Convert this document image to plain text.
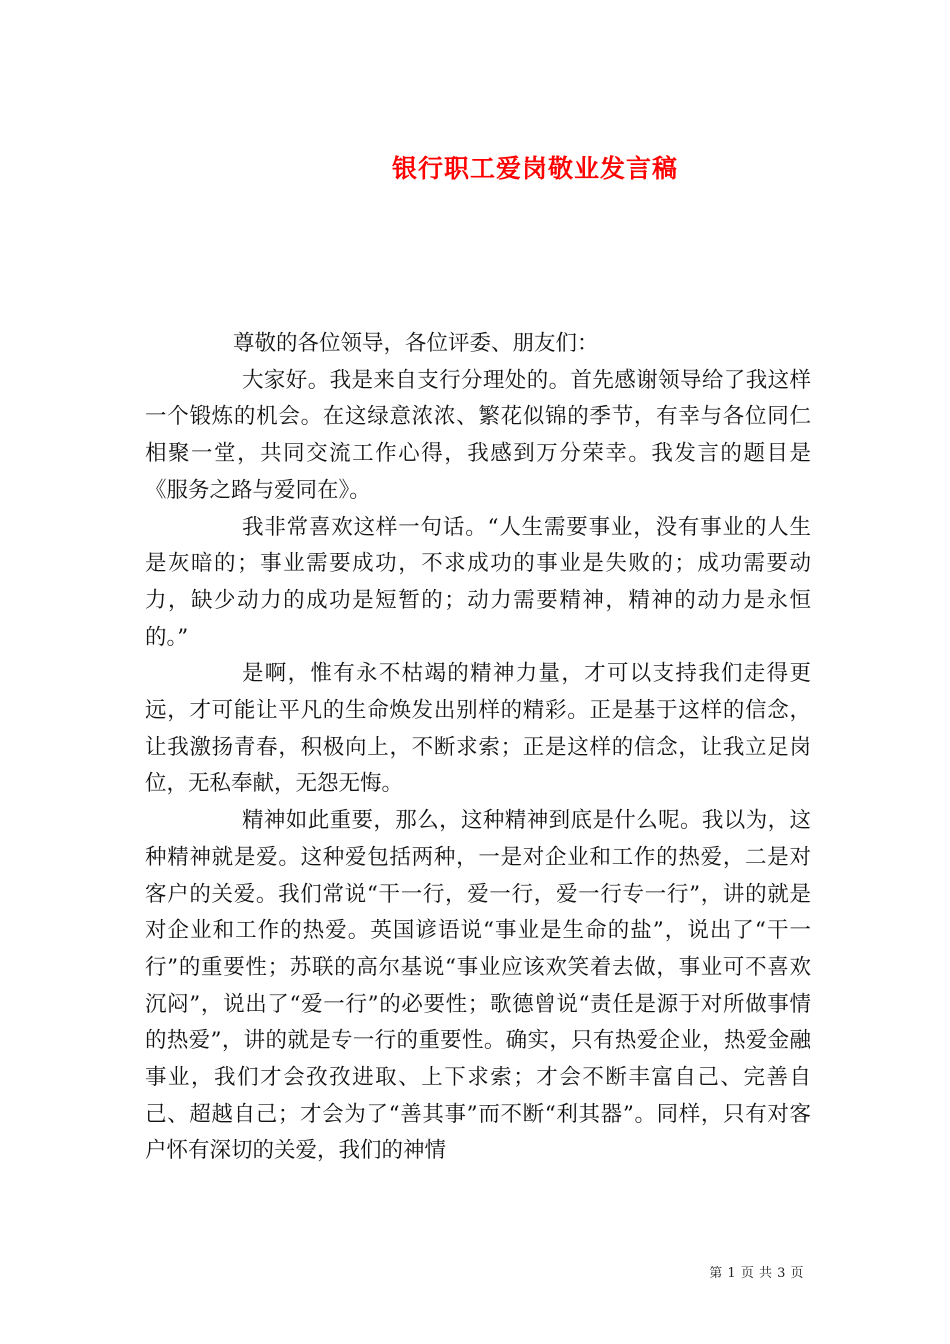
银行职工爱岗敬业发言稿

尊敬的各位领导，各位评委、朋友们：

大家好。我是来自支行分理处的。首先感谢领导给了我这样一个锻炼的机会。在这绿意浓浓、繁花似锦的季节，有幸与各位同仁相聚一堂，共同交流工作心得，我感到万分荣幸。我发言的题目是《服务之路与爱同在》。

我非常喜欢这样一句话。“人生需要事业，没有事业的人生是灰暗的；事业需要成功，不求成功的事业是失败的；成功需要动力，缺少动力的成功是短暂的；动力需要精神，精神的动力是永恒的。”

是啊，惟有永不枯竭的精神力量，才可以支持我们走得更远，才可能让平凡的生命焕发出别样的精彩。正是基于这样的信念，让我激扬青春，积极向上，不断求索；正是这样的信念，让我立足岗位，无私奉献，无怨无悔。

精神如此重要，那么，这种精神到底是什么呢。我以为，这种精神就是爱。这种爱包括两种，一是对企业和工作的热爱，二是对客户的关爱。我们常说“干一行，爱一行，爱一行专一行”，讲的就是对企业和工作的热爱。英国谚语说“事业是生命的盐”，说出了“干一行”的重要性；苏联的高尔基说“事业应该欢笑着去做，事业可不喜欢沉闷”，说出了“爱一行”的必要性；歌德曾说“责任是源于对所做事情的热爱”，讲的就是专一行的重要性。确实，只有热爱企业，热爱金融事业，我们才会孜孜进取、上下求索；才会不断丰富自己、完善自己、超越自己；才会为了“善其事”而不断“利其器”。同样，只有对客户怀有深切的关爱，我们的神情

第 1 页 共 3 页
